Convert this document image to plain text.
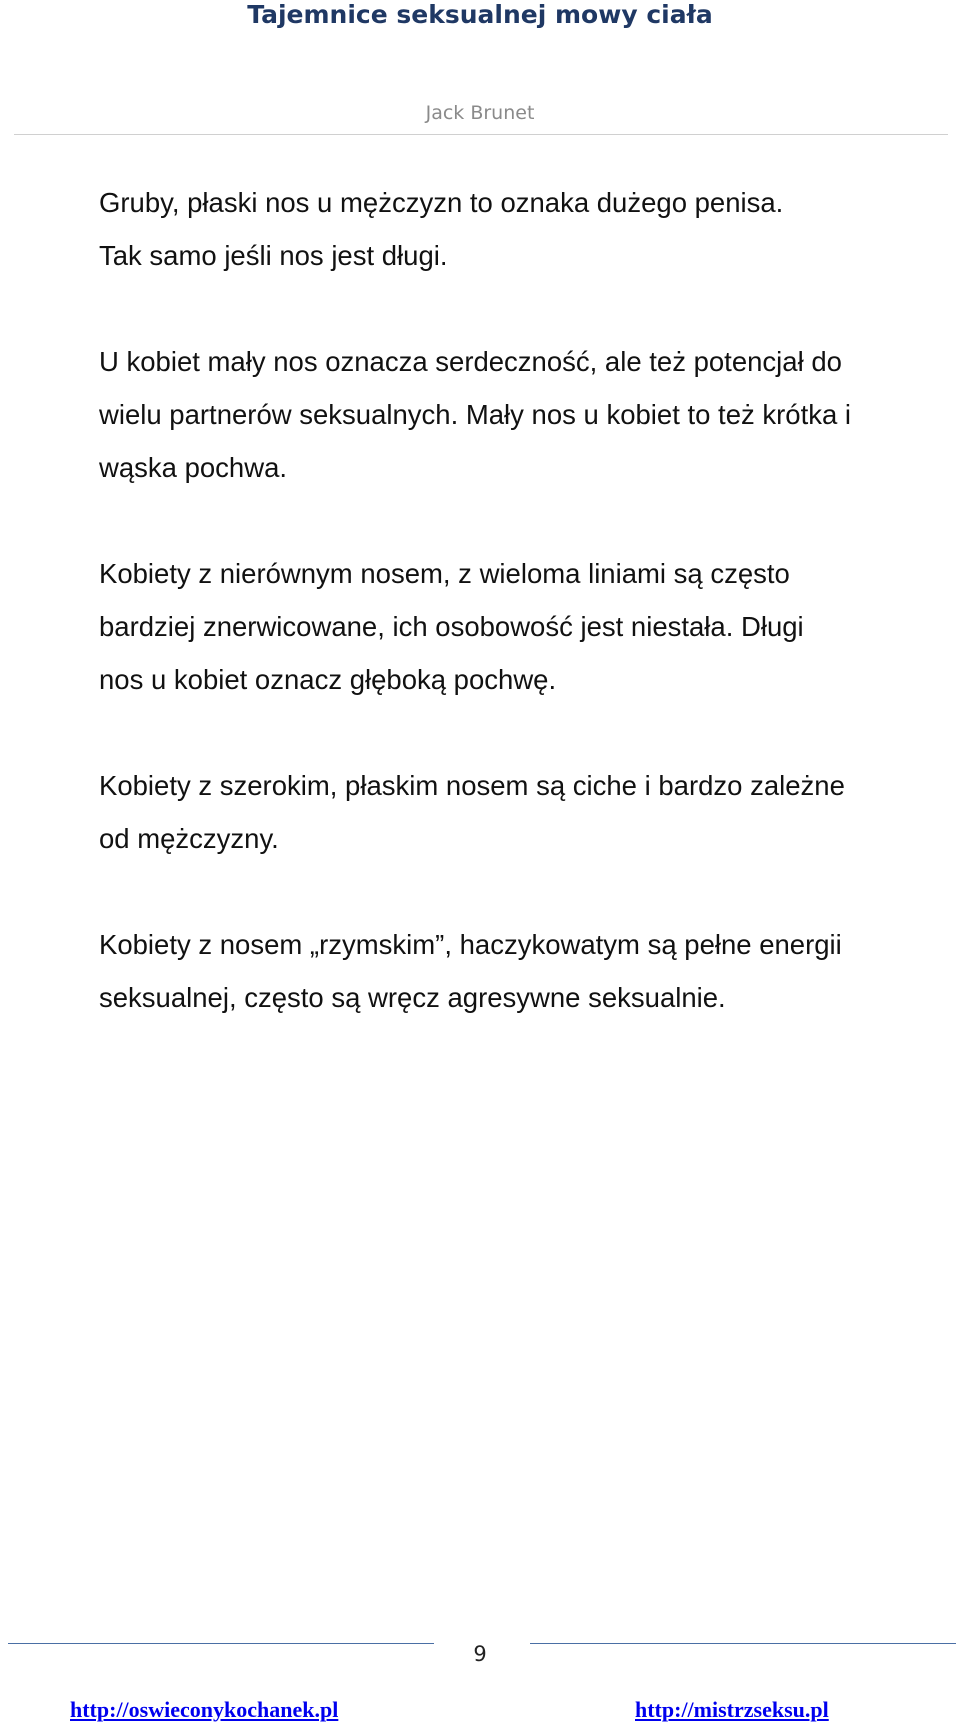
Tajemnice seksualnej mowy ciała
Jack Brunet

Gruby, płaski nos u mężczyzn to oznaka dużego penisa.
Tak samo jeśli nos jest długi.

U kobiet mały nos oznacza serdeczność, ale też potencjał do
wielu partnerów seksualnych. Mały nos u kobiet to też krótka i
wąska pochwa.

Kobiety z nierównym nosem, z wieloma liniami są często
bardziej znerwicowane, ich osobowość jest niestała. Długi
nos u kobiet oznacz głęboką pochwę.

Kobiety z szerokim, płaskim nosem są ciche i bardzo zależne
od mężczyzny.

Kobiety z nosem „rzymskim”, haczykowatym są pełne energii
seksualnej, często są wręcz agresywne seksualnie.

9
http://oswieconykochanek.pl	http://mistrzseksu.pl
